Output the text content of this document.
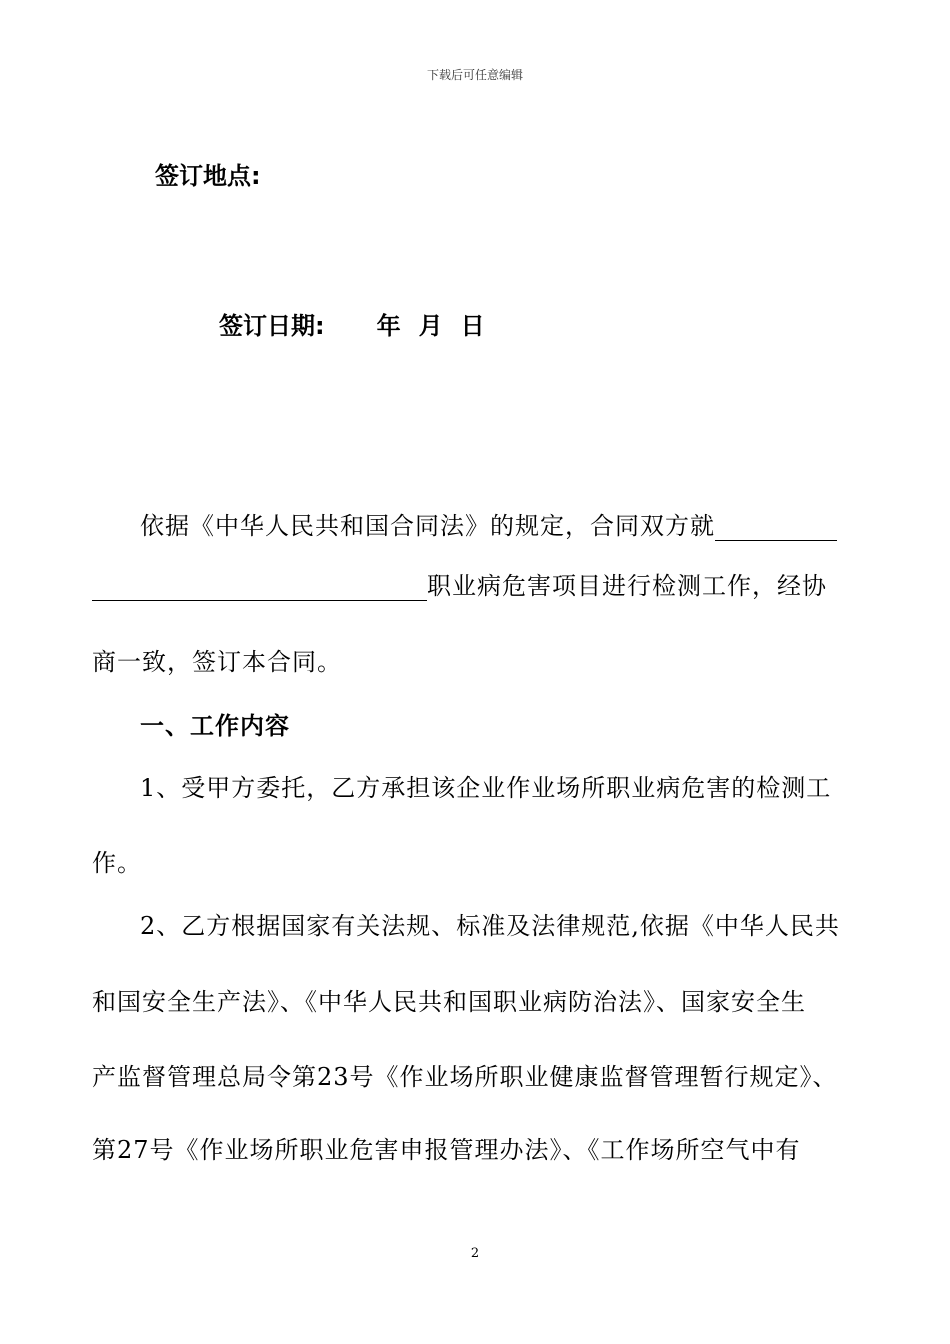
下载后可任意编辑
签订地点:
签订日期: 年 月 日
依据《中华人民共和国合同法》的规定，合同双方就
职业病危害项目进行检测工作，经协
商一致，签订本合同。
一、工作内容
1、受甲方委托，乙方承担该企业作业场所职业病危害的检测工
作。
2、乙方根据国家有关法规、标准及法律规范,依据《中华人民共
和国安全生产法》、《中华人民共和国职业病防治法》、国家安全生
产监督管理总局令第23号《作业场所职业健康监督管理暂行规定》、
第27号《作业场所职业危害申报管理办法》、《工作场所空气中有
2
